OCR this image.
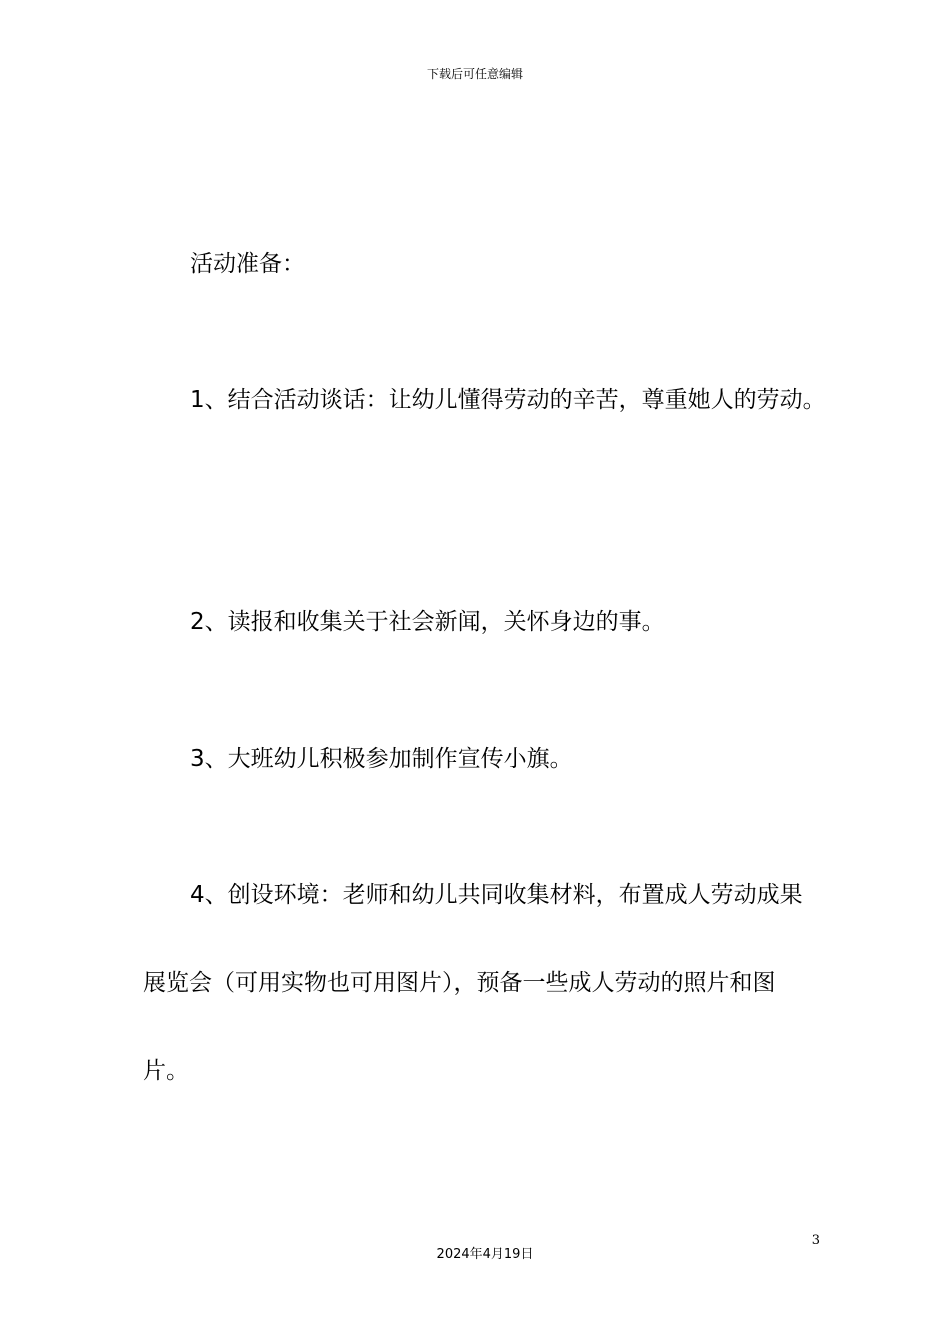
下载后可任意编辑
活动准备：
1、结合活动谈话：让幼儿懂得劳动的辛苦，尊重她人的劳动。
2、读报和收集关于社会新闻，关怀身边的事。
3、大班幼儿积极参加制作宣传小旗。
4、创设环境：老师和幼儿共同收集材料，布置成人劳动成果
展览会（可用实物也可用图片），预备一些成人劳动的照片和图
片。
3
2024年4月19日
